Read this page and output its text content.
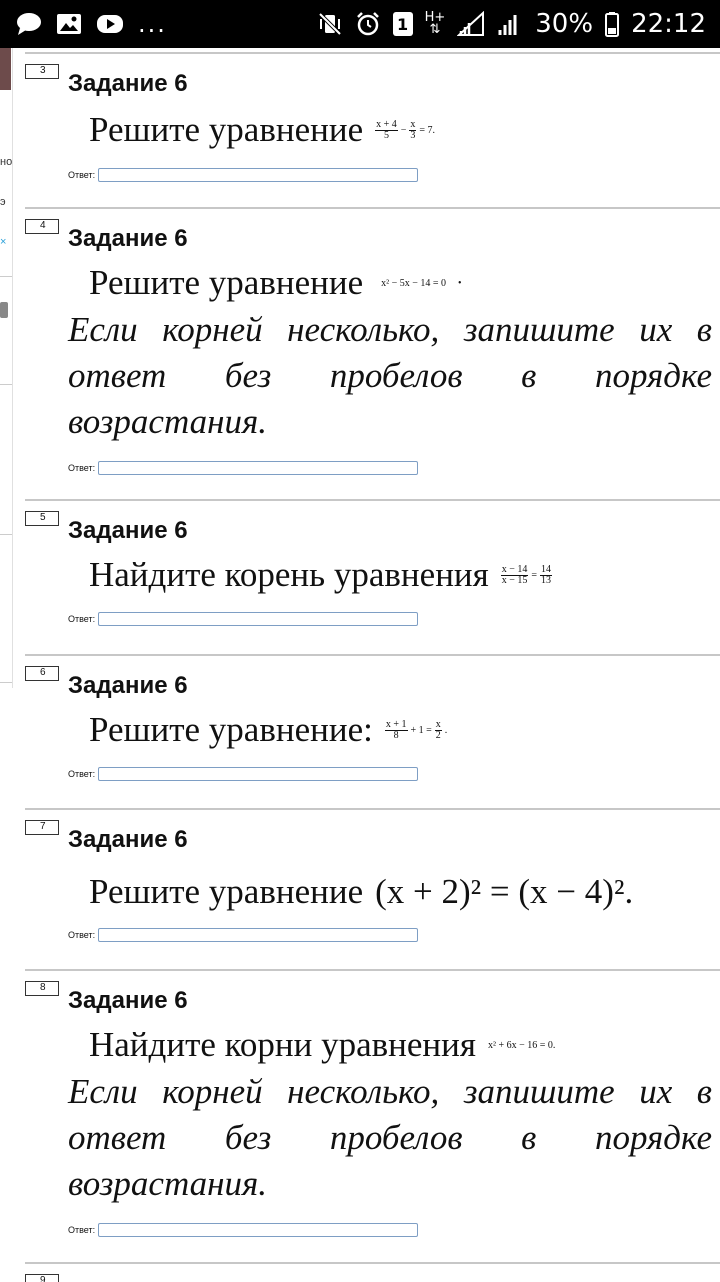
...	1	H+
⇅	30% 22:12
но
э
×
3 Задание 6
Решите уравнение $\frac{x + 4}{5} - \frac{x}{3} = 7$.
Ответ:
4 Задание 6
Решите уравнение x² − 5x − 14 = 0 •
Если корней несколько, запишите их в ответ без пробелов в порядке возрастания.
Ответ:
5 Задание 6
Найдите корень уравнения $\frac{x - 14}{x - 15} = \frac{14}{13}$
Ответ:
6 Задание 6
Решите уравнение: $\frac{x + 1}{8} + 1 = \frac{x}{2}$ .
Ответ:
7 Задание 6
Решите уравнение (x + 2)² = (x − 4)².
Ответ:
8 Задание 6
Найдите корни уравнения x² + 6x − 16 = 0.
Если корней несколько, запишите их в ответ без пробелов в порядке возрастания.
Ответ:
9
